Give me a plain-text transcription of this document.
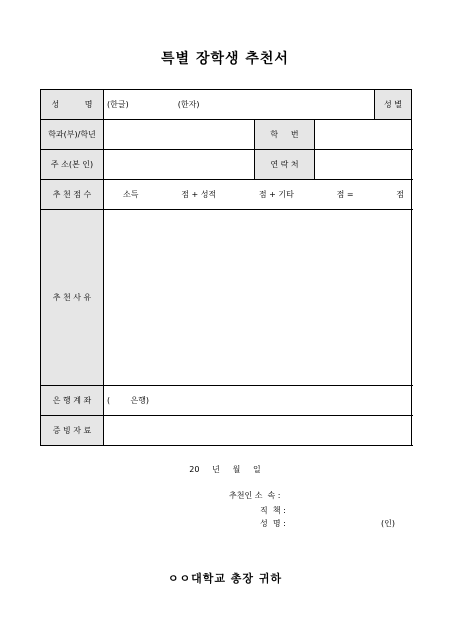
특별 장학생 추천서
성          명	(한글) (한자)			성 별	
학과(부)/학년		학     번			
주 소(본 인)		연 락 처			
추 천 점 수	소득 점 + 성적 점 + 기타 점 = 점				

추 천 사 유					
은 행 계 좌	(        은행)				
증 빙 자 료					
20     년     월     일
추천인 소  속 :
직  책 :
성  명 :	(인)
ㅇㅇ대학교 총장 귀하
